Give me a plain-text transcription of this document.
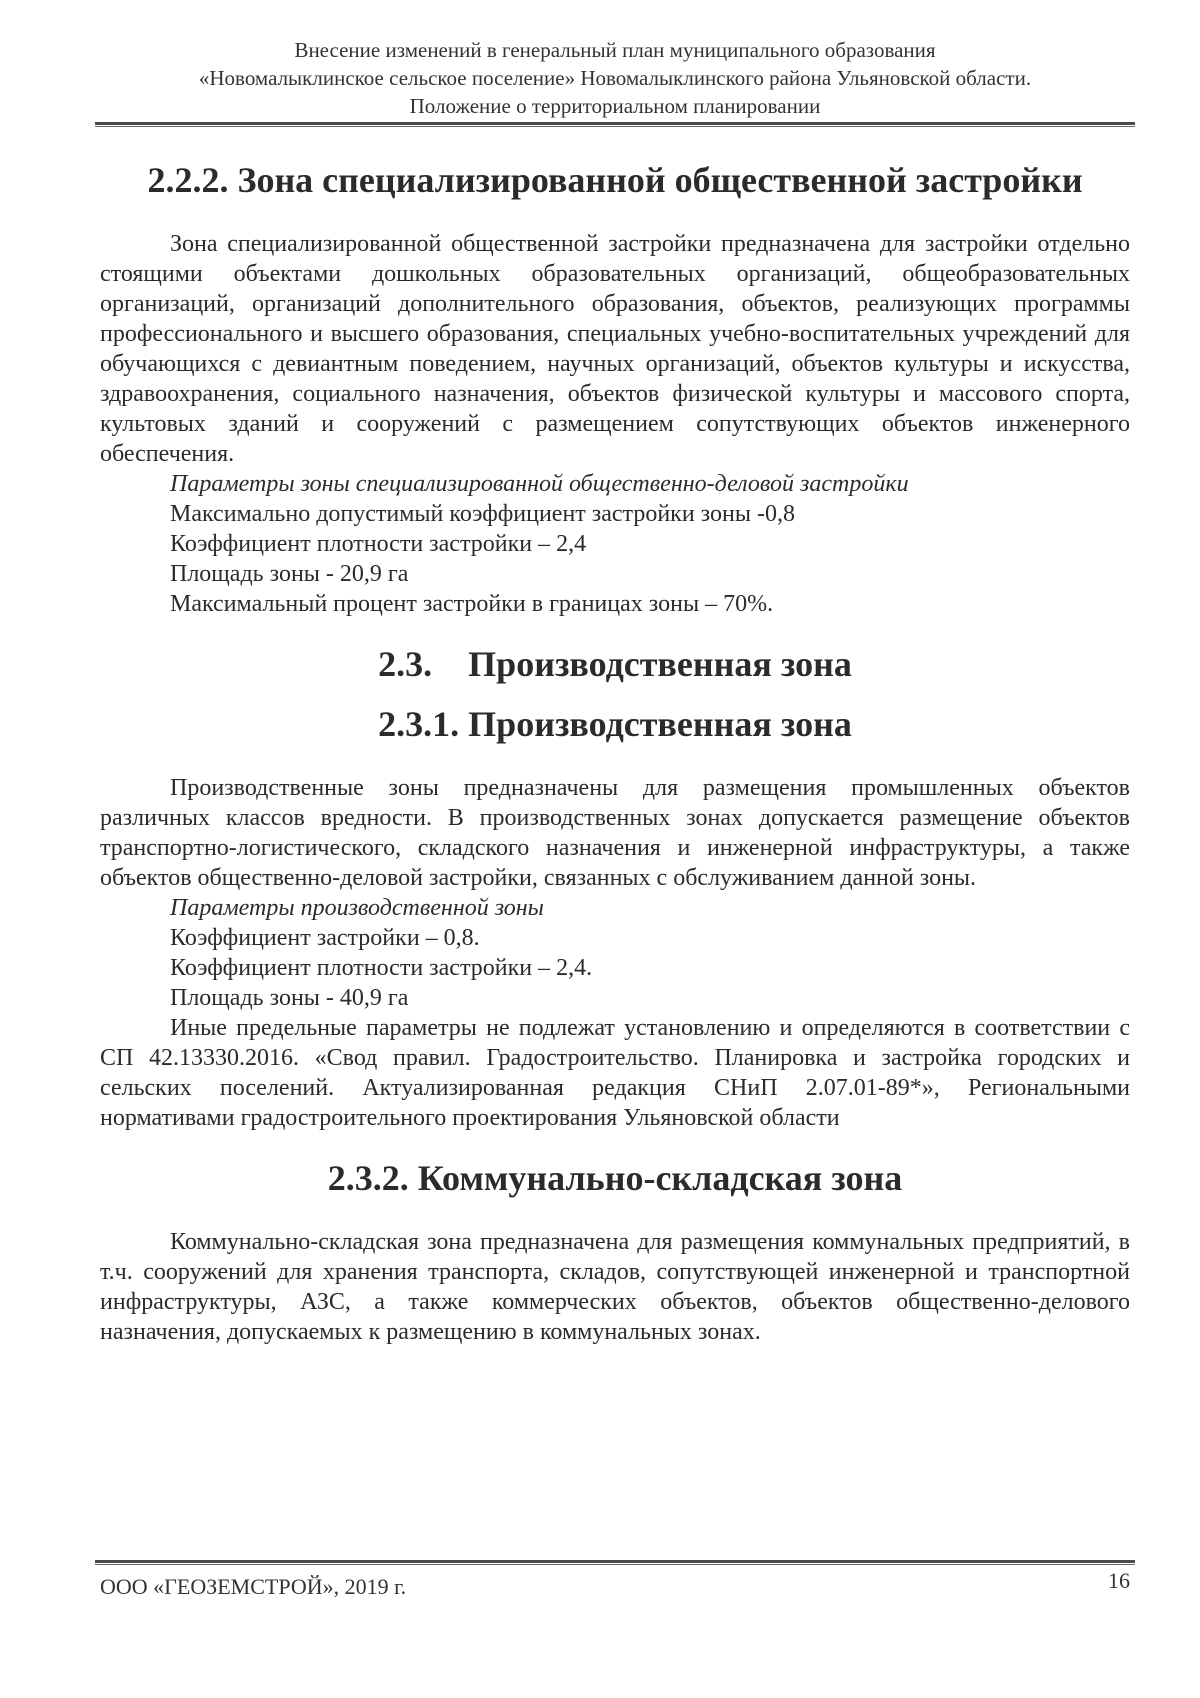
Внесение изменений в генеральный план муниципального образования
«Новомалыклинское сельское поселение» Новомалыклинского района Ульяновской области.
Положение о территориальном планировании
2.2.2. Зона специализированной общественной застройки

Зона специализированной общественной застройки предназначена для застройки отдельно стоящими объектами дошкольных образовательных организаций, общеобразовательных организаций, организаций дополнительного образования, объектов, реализующих программы профессионального и высшего образования, специальных учебно-воспитательных учреждений для обучающихся с девиантным поведением, научных организаций, объектов культуры и искусства, здравоохранения, социального назначения, объектов физической культуры и массового спорта, культовых зданий и сооружений с размещением сопутствующих объектов инженерного обеспечения.

Параметры зоны специализированной общественно-деловой застройки

Максимально допустимый коэффициент застройки зоны -0,8

Коэффициент плотности застройки – 2,4

Площадь зоны - 20,9 га

Максимальный процент застройки в границах зоны – 70%.

2.3.    Производственная зона
2.3.1. Производственная зона

Производственные зоны предназначены для размещения промышленных объектов различных классов вредности. В производственных зонах допускается размещение объектов транспортно-логистического, складского назначения и инженерной инфраструктуры, а также объектов общественно-деловой застройки, связанных с обслуживанием данной зоны.

Параметры производственной зоны

Коэффициент застройки – 0,8.

Коэффициент плотности застройки – 2,4.

Площадь зоны - 40,9 га

Иные предельные параметры не подлежат установлению и определяются в соответствии с СП 42.13330.2016. «Свод правил. Градостроительство. Планировка и застройка городских и сельских поселений. Актуализированная редакция СНиП 2.07.01-89*», Региональными нормативами градостроительного проектирования Ульяновской области

2.3.2. Коммунально-складская зона

Коммунально-складская зона предназначена для размещения коммунальных предприятий, в т.ч. сооружений для хранения транспорта, складов, сопутствующей инженерной и транспортной инфраструктуры, АЗС, а также коммерческих объектов, объектов общественно-делового назначения, допускаемых к размещению в коммунальных зонах.

ООО «ГЕОЗЕМСТРОЙ», 2019 г.	16
